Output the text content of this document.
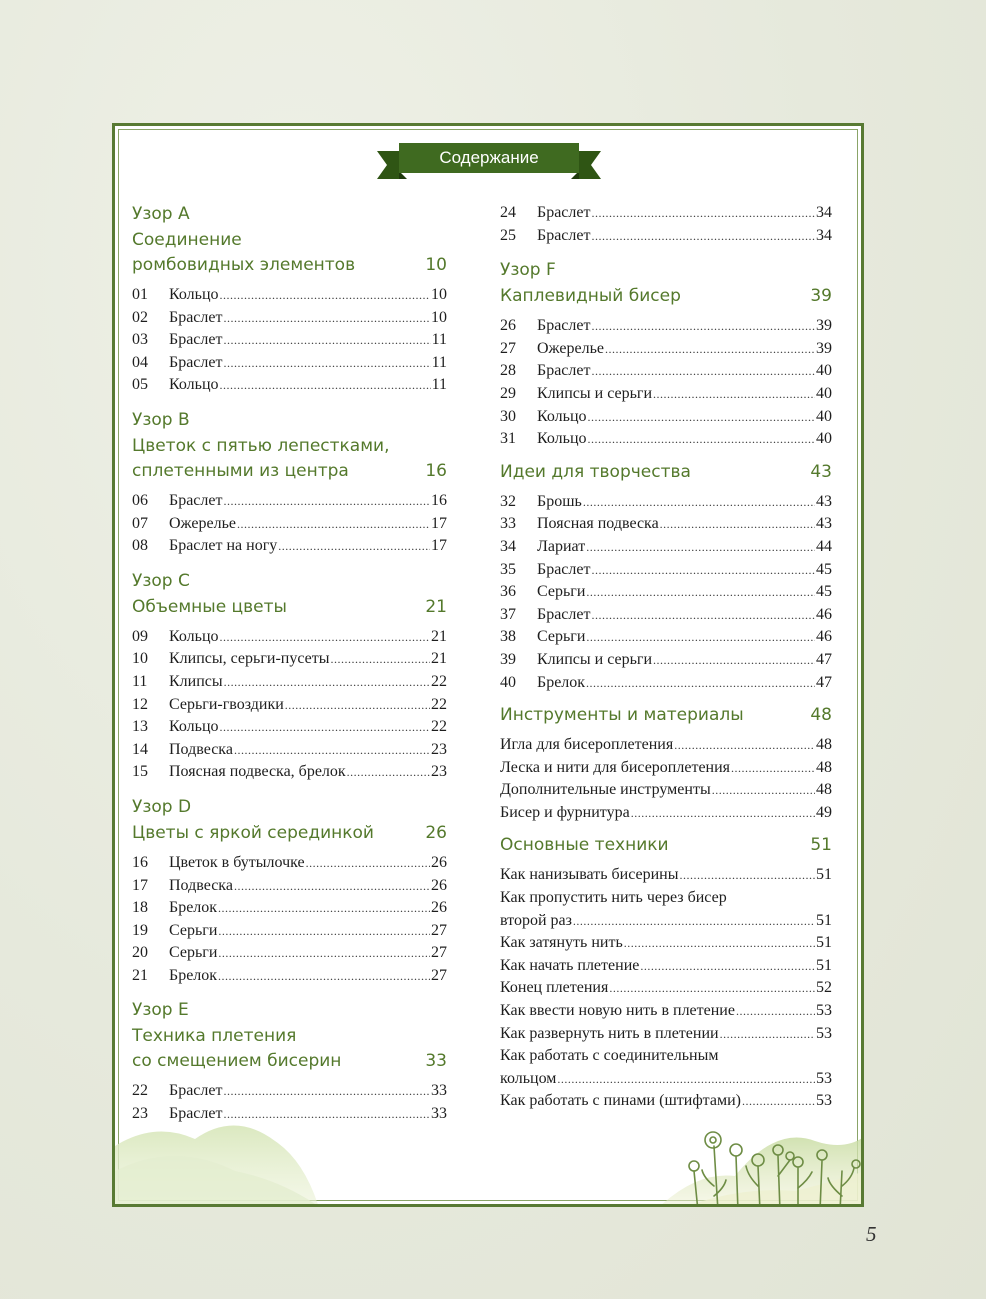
Содержание
Узор A
Соединение
ромбовидных элементов	10
01	Кольцо .....	10
02	Браслет .....	10
03	Браслет .....	11
04	Браслет .....	11
05	Кольцо .....	11
Узор B
Цветок с пятью лепестками,
сплетенными из центра	16
06	Браслет .....	16
07	Ожерелье .....	17
08	Браслет на ногу .....	17
Узор C
Объемные цветы	21
09	Кольцо .....	21
10	Клипсы, серьги-пусеты .....	21
11	Клипсы .....	22
12	Серьги-гвоздики .....	22
13	Кольцо .....	22
14	Подвеска .....	23
15	Поясная подвеска, брелок .....	23
Узор D
Цветы с яркой серединкой	26
16	Цветок в бутылочке .....	26
17	Подвеска .....	26
18	Брелок .....	26
19	Серьги .....	27
20	Серьги .....	27
21	Брелок .....	27
Узор E
Техника плетения
со смещением бисерин	33
22	Браслет .....	33
23	Браслет .....	33
24	Браслет .....	34
25	Браслет .....	34
Узор F
Каплевидный бисер	39
26	Браслет .....	39
27	Ожерелье .....	39
28	Браслет .....	40
29	Клипсы и серьги .....	40
30	Кольцо .....	40
31	Кольцо .....	40
Идеи для творчества	43
32	Брошь .....	43
33	Поясная подвеска .....	43
34	Лариат .....	44
35	Браслет .....	45
36	Серьги .....	45
37	Браслет .....	46
38	Серьги .....	46
39	Клипсы и серьги .....	47
40	Брелок .....	47
Инструменты и материалы	48
Игла для бисероплетения .....	48
Леска и нити для бисероплетения .....	48
Дополнительные инструменты .....	48
Бисер и фурнитура .....	49
Основные техники	51
Как нанизывать бисерины .....	51
Как пропустить нить через бисер
второй раз .....	51
Как затянуть нить .....	51
Как начать плетение .....	51
Конец плетения .....	52
Как ввести новую нить в плетение .....	53
Как развернуть нить в плетении .....	53
Как работать с соединительным
кольцом .....	53
Как работать с пинами (штифтами) .....	53
5
